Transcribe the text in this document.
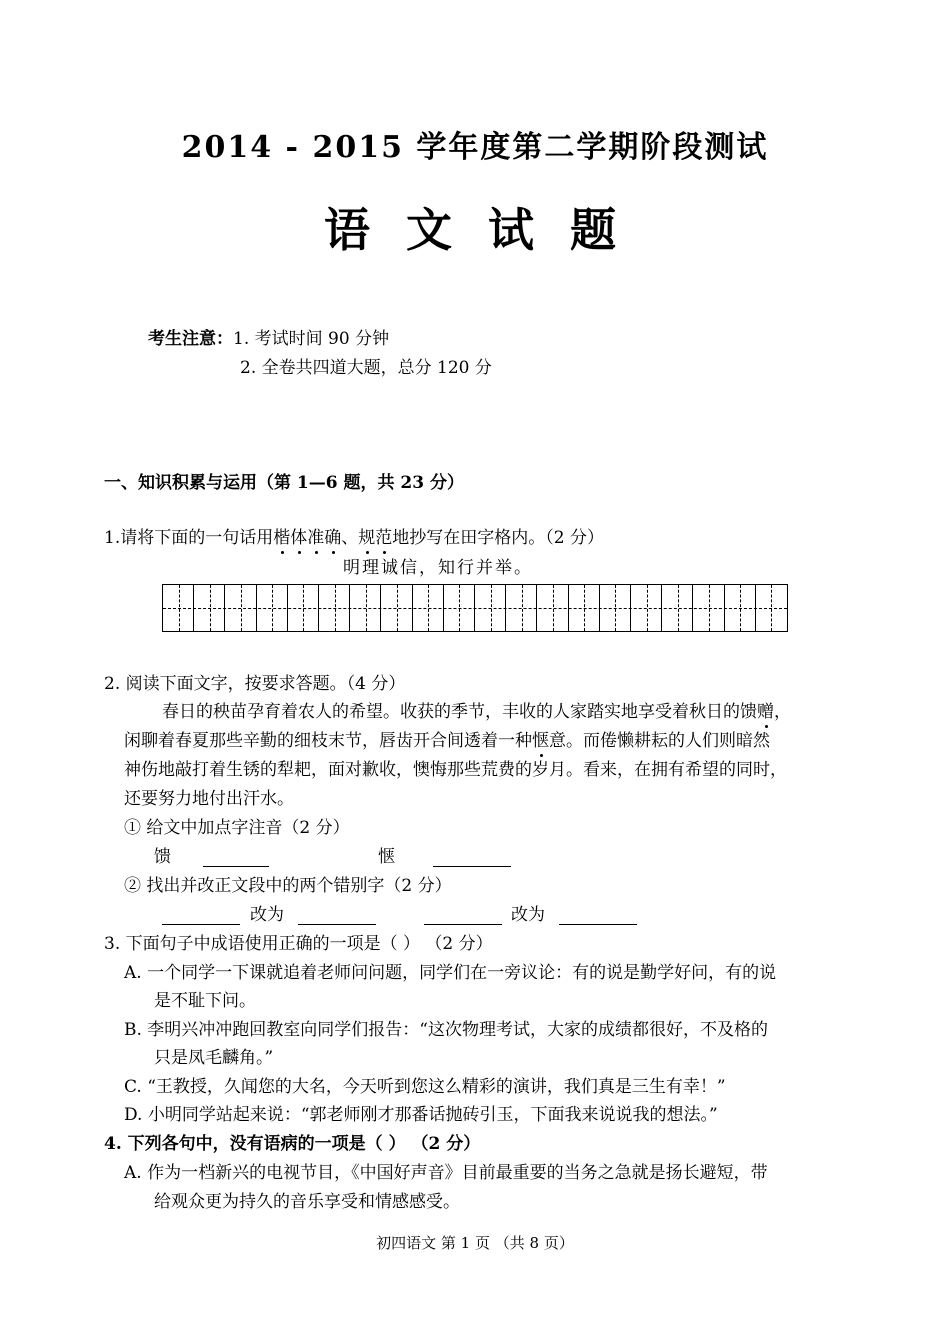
2014 - 2015 学年度第二学期阶段测试
语 文 试 题
考生注意：1. 考试时间 90 分钟
2. 全卷共四道大题，总分 120 分
一、知识积累与运用（第 1—6 题，共 23 分）
1.请将下面的一句话用楷体准确、规范地抄写在田字格内。（2 分）
明理诚信，知行并举。
2. 阅读下面文字，按要求答题。（4 分）
春日的秧苗孕育着农人的希望。收获的季节，丰收的人家踏实地享受着秋日的馈赠，
闲聊着春夏那些辛勤的细枝末节，唇齿开合间透着一种惬意。而倦懒耕耘的人们则暗然
神伤地敲打着生锈的犁耙，面对歉收，懊悔那些荒费的岁月。看来，在拥有希望的同时，
还要努力地付出汗水。
① 给文中加点字注音（2 分）
馈	惬
② 找出并改正文段中的两个错别字（2 分）
改为	改为
3. 下面句子中成语使用正确的一项是（ ） （2 分）
A. 一个同学一下课就追着老师问问题，同学们在一旁议论：有的说是勤学好问，有的说
是不耻下问。
B. 李明兴冲冲跑回教室向同学们报告：“这次物理考试，大家的成绩都很好，不及格的
只是凤毛麟角。”
C. “王教授，久闻您的大名，今天听到您这么精彩的演讲，我们真是三生有幸！”
D. 小明同学站起来说：“郭老师刚才那番话抛砖引玉，下面我来说说我的想法。”
4. 下列各句中，没有语病的一项是（ ） （2 分）
A. 作为一档新兴的电视节目，《中国好声音》目前最重要的当务之急就是扬长避短，带
给观众更为持久的音乐享受和情感感受。
初四语文 第 1 页 （共 8 页）
